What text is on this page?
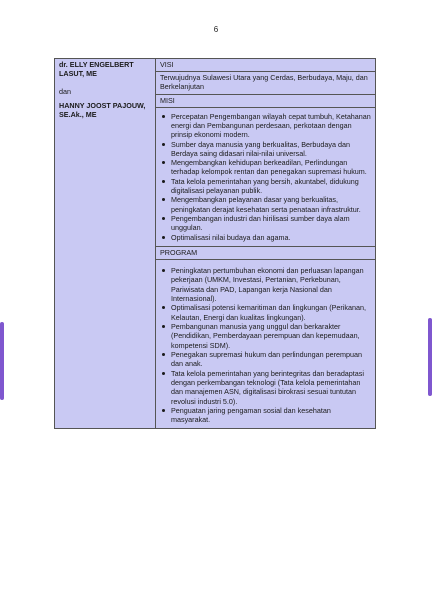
6
dr. ELLY ENGELBERT LASUT, ME
dan
HANNY JOOST PAJOUW, SE.Ak., ME
	VISI
Terwujudnya Sulawesi Utara yang Cerdas, Berbudaya, Maju, dan Berkelanjutan
MISI

Percepatan Pengembangan wilayah cepat tumbuh, Ketahanan energi dan Pembangunan perdesaan, perkotaan dengan prinsip ekonomi modern.
Sumber daya manusia yang berkualitas, Berbudaya dan Berdaya saing didasari nilai-nilai universal.
Mengembangkan kehidupan berkeadilan, Perlindungan terhadap kelompok rentan dan penegakan supremasi hukum.
Tata kelola pemerintahan yang bersih, akuntabel, didukung digitalisasi pelayanan publik.
Mengembangkan pelayanan dasar yang berkualitas, peningkatan derajat kesehatan serta penataan infrastruktur.
Pengembangan industri dan hirilisasi sumber daya alam unggulan.
Optimalisasi nilai budaya dan agama.

PROGRAM

Peningkatan pertumbuhan ekonomi dan perluasan lapangan pekerjaan (UMKM, Investasi, Pertanian, Perkebunan, Pariwisata dan PAD, Lapangan kerja Nasional dan Internasional).
Optimalisasi potensi kemaritiman dan lingkungan (Perikanan, Kelautan, Energi dan kualitas lingkungan).
Pembangunan manusia yang unggul dan berkarakter (Pendidikan, Pemberdayaan perempuan dan kepemudaan, kompetensi SDM).
Penegakan supremasi hukum dan perlindungan perempuan dan anak.
Tata kelola pemerintahan yang berintegritas dan beradaptasi dengan perkembangan teknologi (Tata kelola pemerintahan dan manajemen ASN, digitalisasi birokrasi sesuai tuntutan revolusi industri 5.0).
Penguatan jaring pengaman sosial dan kesehatan masyarakat.
